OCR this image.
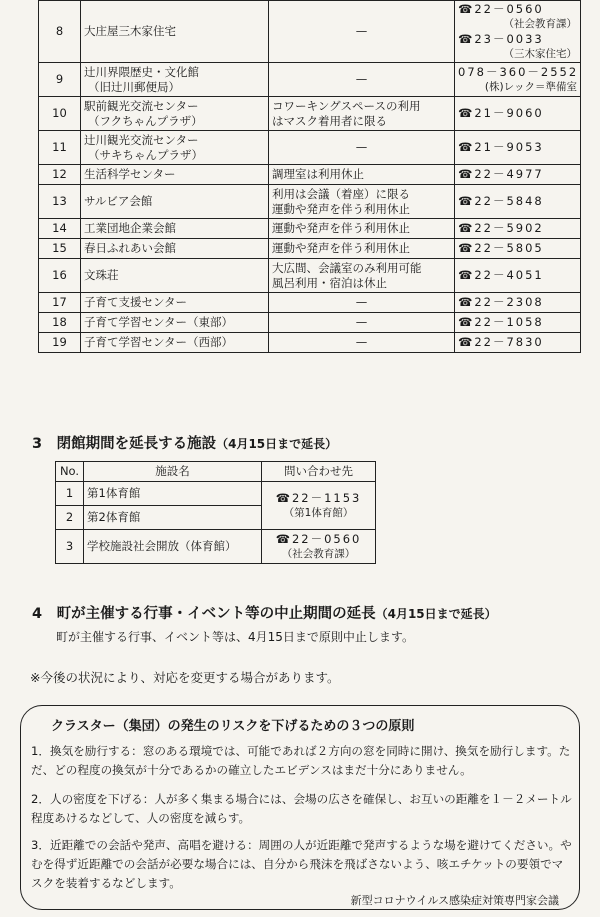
8	大庄屋三木家住宅	—	☎22－0560
（社会教育課）
☎23－0033
（三木家住宅）

9	辻川界隈歴史・文化館
（旧辻川郵便局）	—	078－360－2552
(株)レック＝準備室

10	駅前観光交流センター
（フクちゃんプラザ）	コワーキングスペースの利用
はマスク着用者に限る	☎21－9060

11	辻川観光交流センター
（サキちゃんプラザ）	—	☎21－9053

12	生活科学センター	調理室は利用休止	☎22－4977

13	サルビア会館	利用は会議（着座）に限る
運動や発声を伴う利用休止	☎22－5848

14	工業団地企業会館	運動や発声を伴う利用休止	☎22－5902

15	春日ふれあい会館	運動や発声を伴う利用休止	☎22－5805

16	文珠荘	大広間、会議室のみ利用可能
風呂利用・宿泊は休止	☎22－4051

17	子育て支援センター	—	☎22－2308

18	子育て学習センター（東部）	—	☎22－1058

19	子育て学習センター（西部）	—	☎22－7830
3　閉館期間を延長する施設（4月15日まで延長）
No.	施設名	問い合わせ先
1	第1体育館	☎22－1153
（第1体育館）

2	第2体育館	
3	学校施設社会開放（体育館）	☎22－0560
（社会教育課）
4　町が主催する行事・イベント等の中止期間の延長（4月15日まで延長）
町が主催する行事、イベント等は、4月15日まで原則中止します。
※今後の状況により、対応を変更する場合があります。
クラスター（集団）の発生のリスクを下げるための３つの原則
1．換気を励行する：窓のある環境では、可能であれば２方向の窓を同時に開け、換気を励行します。ただ、どの程度の換気が十分であるかの確立したエビデンスはまだ十分にありません。
2．人の密度を下げる：人が多く集まる場合には、会場の広さを確保し、お互いの距離を１－２メートル程度あけるなどして、人の密度を減らす。
3．近距離での会話や発声、高唱を避ける：周囲の人が近距離で発声するような場を避けてください。やむを得ず近距離での会話が必要な場合には、自分から飛沫を飛ばさないよう、咳エチケットの要領でマスクを装着するなどします。
新型コロナウイルス感染症対策専門家会議
